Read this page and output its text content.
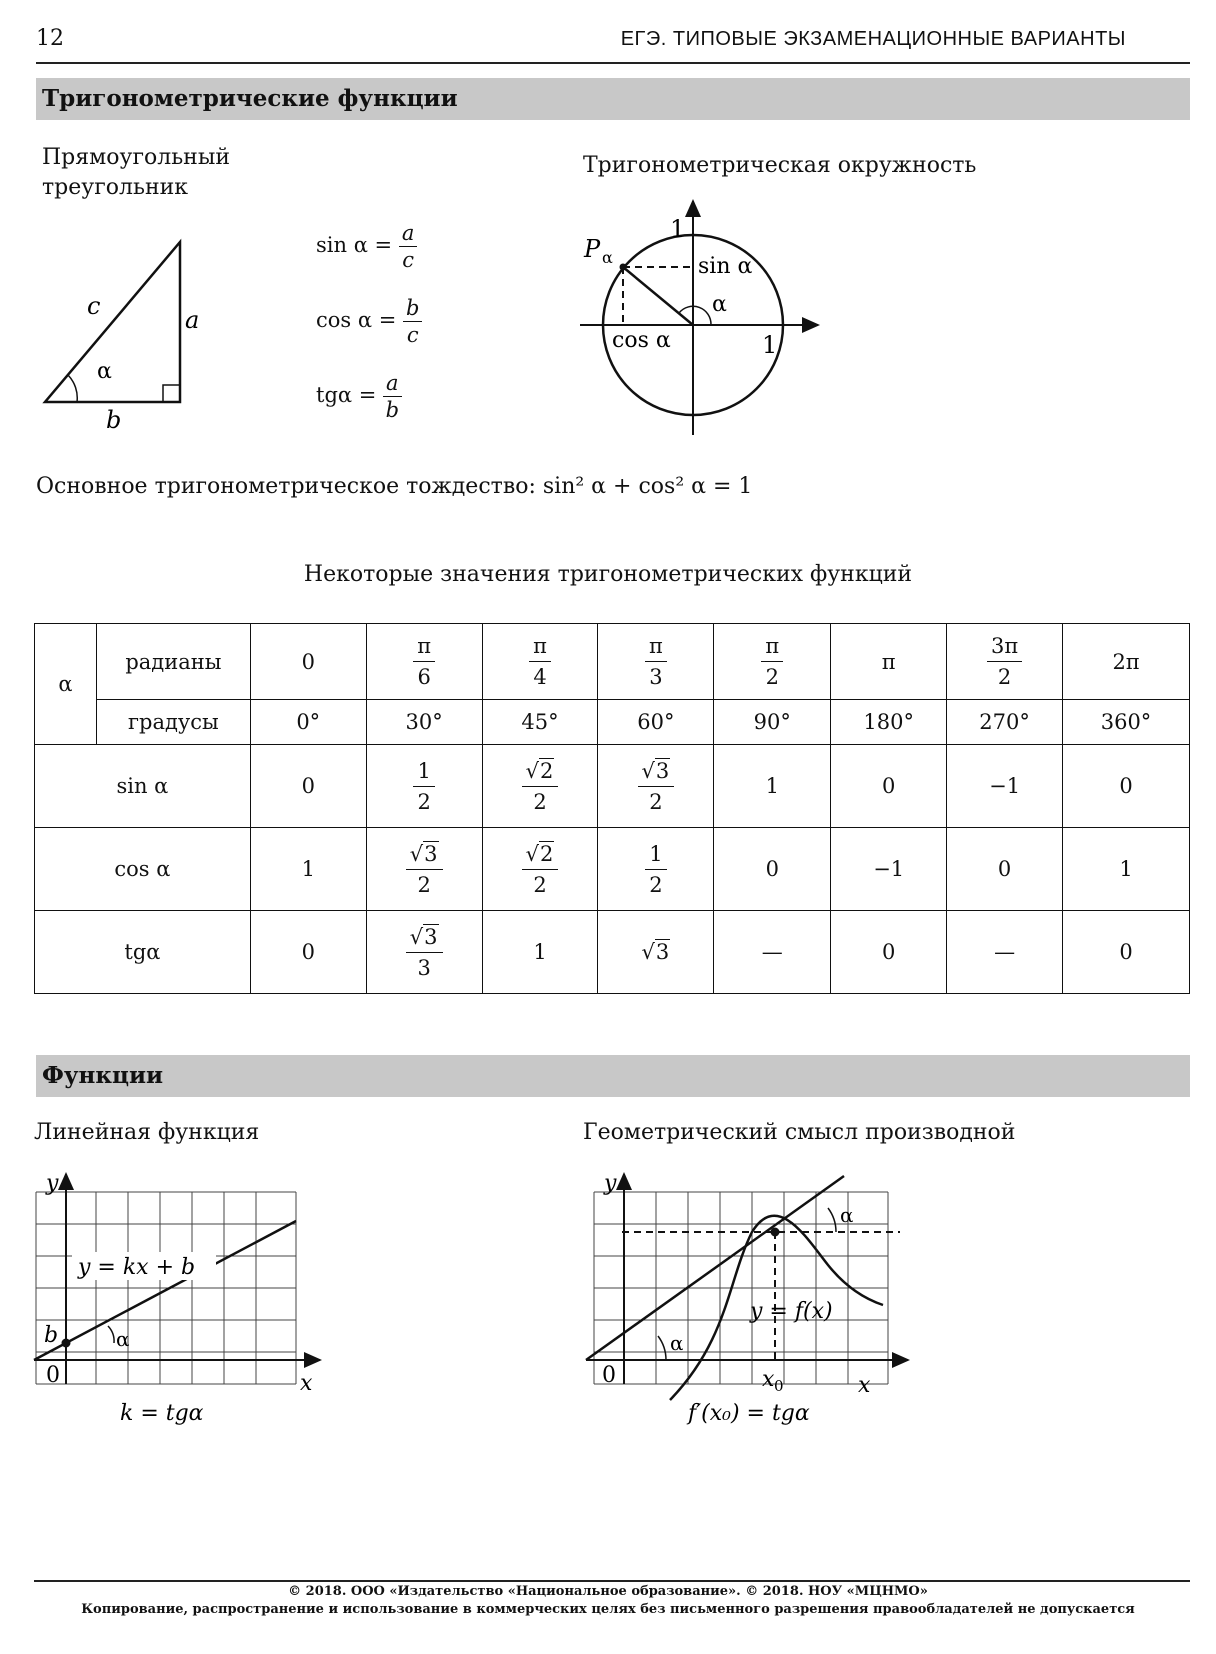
12	ЕГЭ. ТИПОВЫЕ ЭКЗАМЕНАЦИОННЫЕ ВАРИАНТЫ
Тригонометрические функции
Прямоугольный
треугольник
Тригонометрическая окружность
c	a
b
α
$\sin \alpha = \frac{a}{c}$
$\cos \alpha = \frac{b}{c}$
$tg\alpha = \frac{a}{b}$
P α
1
1
sin α
cos α
α
Основное тригонометрическое тождество: sin² α + cos² α = 1
Некоторые значения тригонометрических функций
α	радианы	0	$\frac{\pi}{6}$	$\frac{\pi}{4}$	$\frac{\pi}{3}$	$\frac{\pi}{2}$	π	$\frac{3\pi}{2}$	2π
	градусы	0°	30°	45°	60°	90°	180°	270°	360°
sin α		0	$\frac{1}{2}$	$\frac{√2}{2}$	$\frac{√3}{2}$	1	0	−1	0
cos α		1	$\frac{√3}{2}$	$\frac{√2}{2}$	$\frac{1}{2}$	0	−1	0	1
tgα		0	$\frac{√3}{3}$	1	√3	—	0	—	0
Функции
Линейная функция	Геометрический смысл производной
y
x
0
b	α
y = kx + b
k = tgα
y
x
0	x 0
α
α
y = f(x)
f′(x₀) = tgα
© 2018. ООО «Издательство «Национальное образование». © 2018. НОУ «МЦНМО»
Копирование, распространение и использование в коммерческих целях без письменного разрешения правообладателей не допускается
